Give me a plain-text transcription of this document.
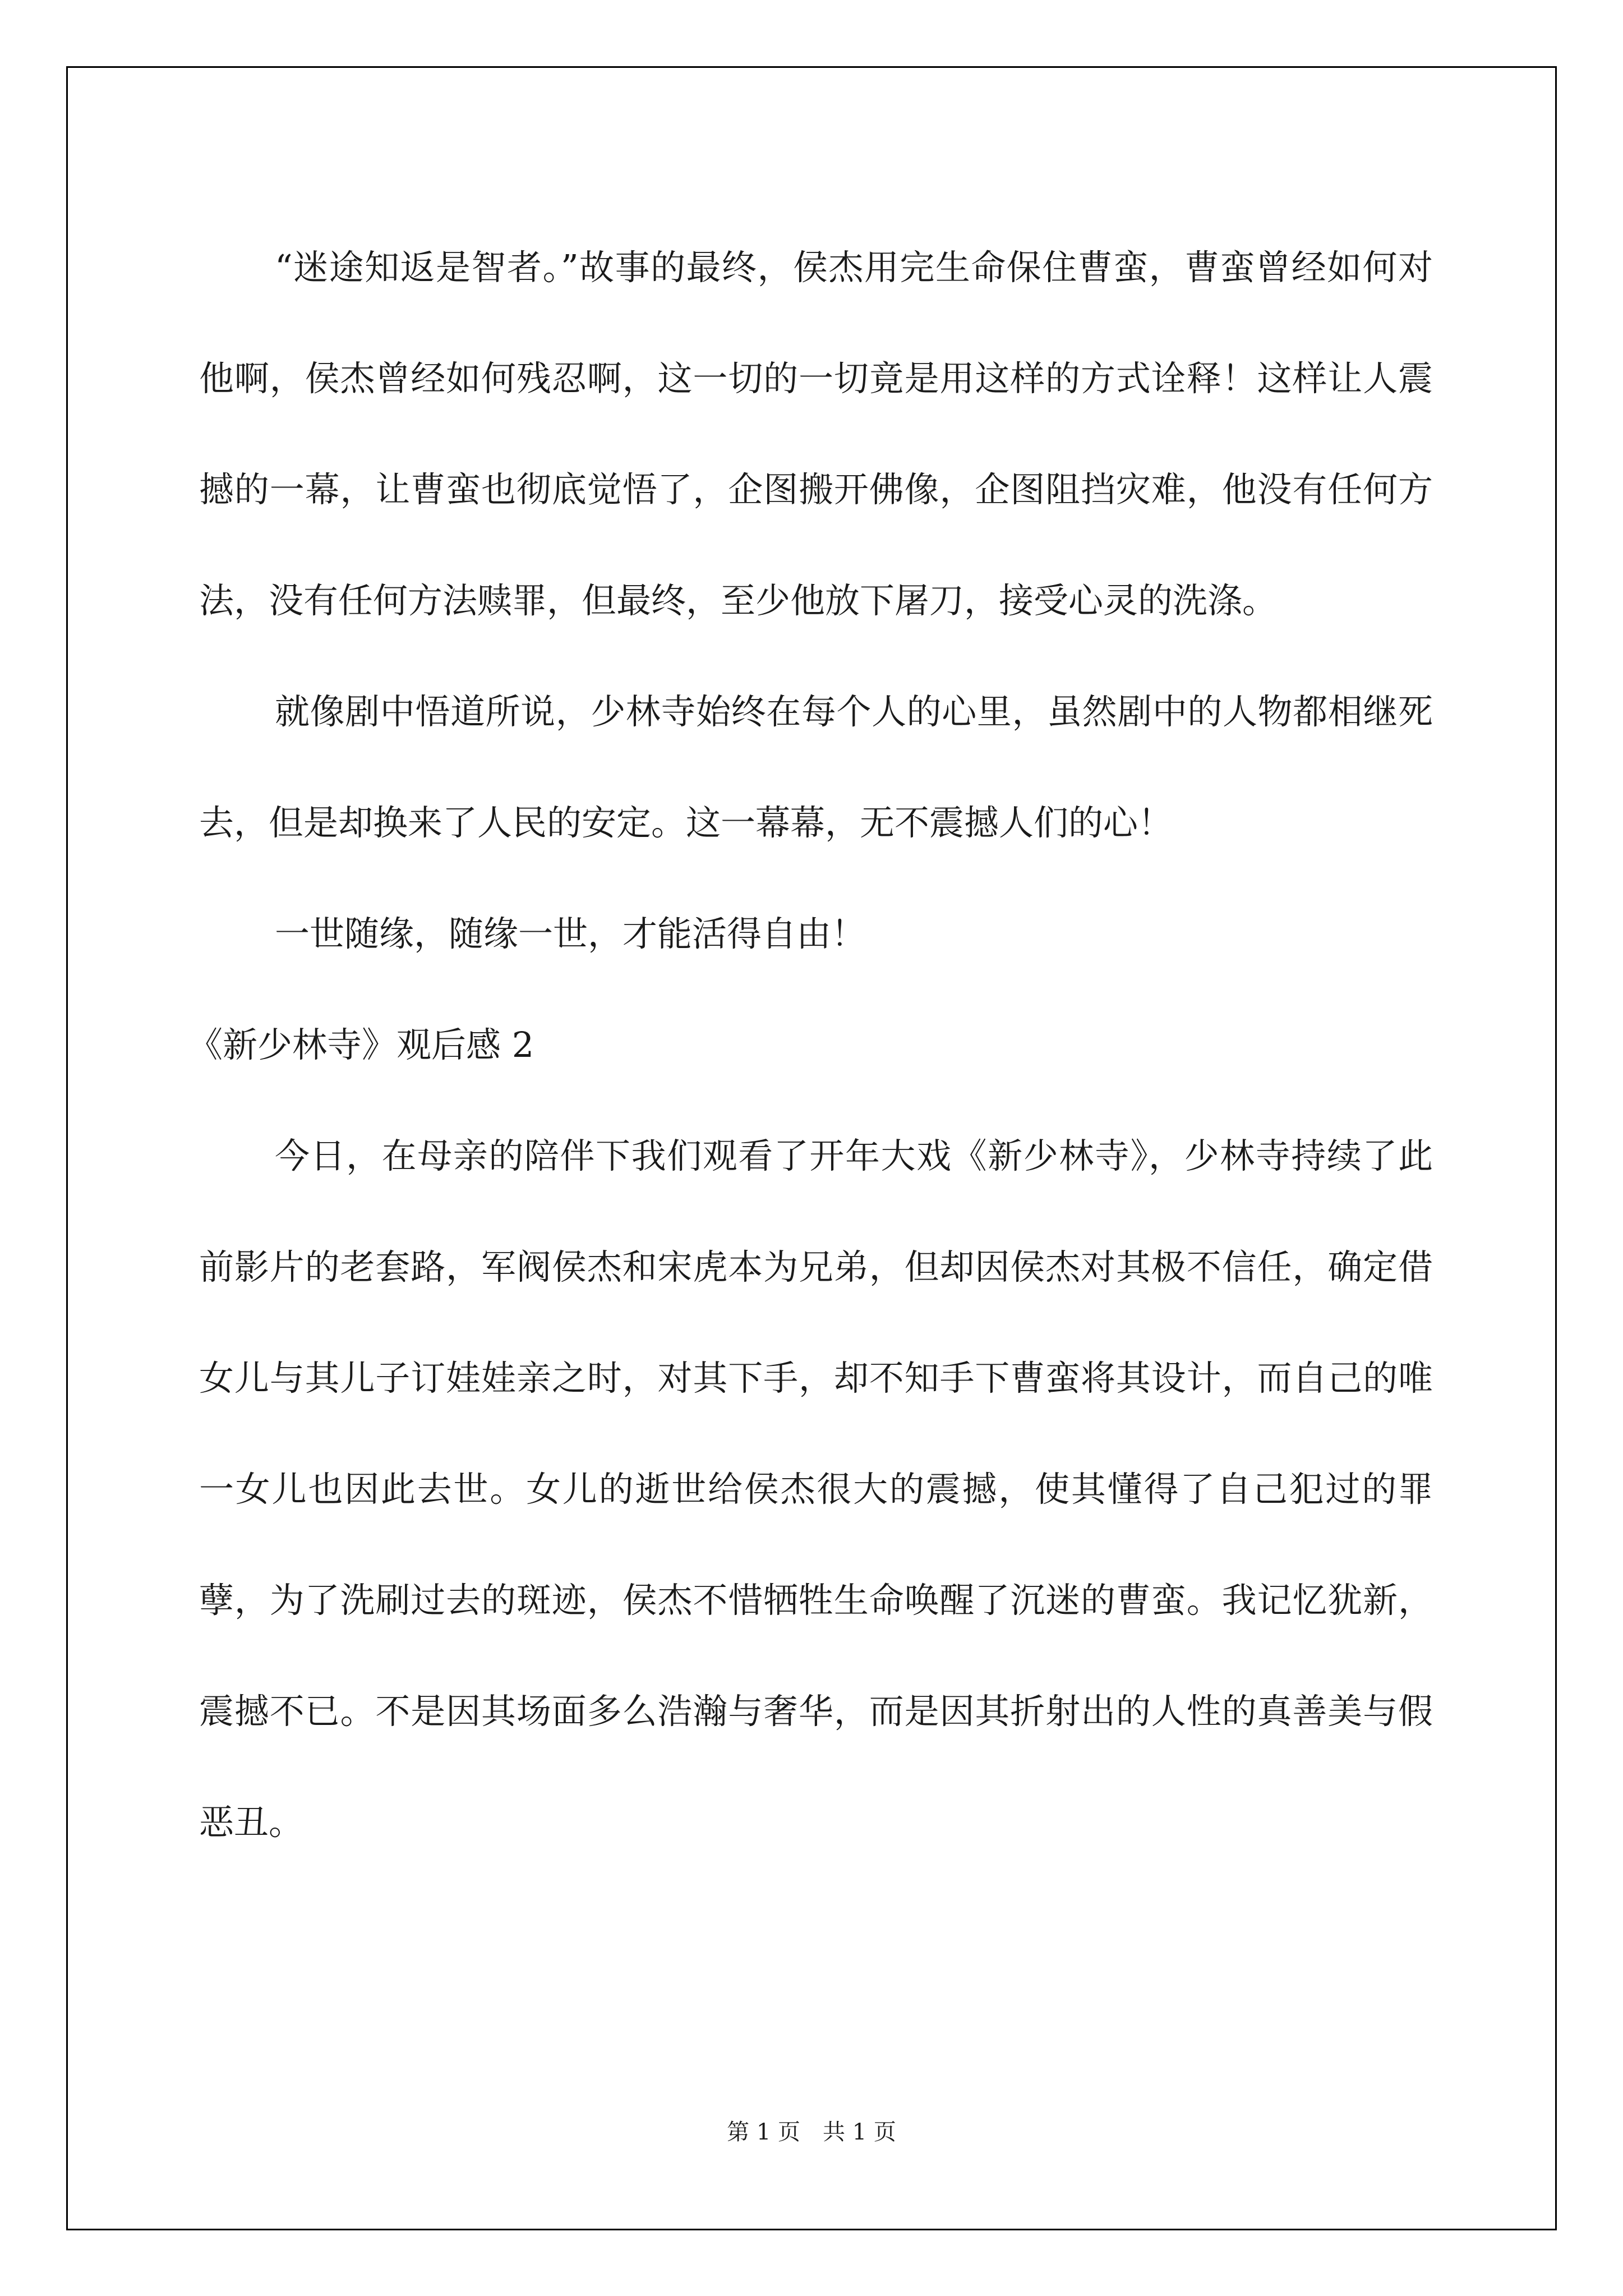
“迷途知返是智者。”故事的最终，侯杰用完生命保住曹蛮，曹蛮曾经如何对他啊，侯杰曾经如何残忍啊，这一切的一切竟是用这样的方式诠释！这样让人震撼的一幕，让曹蛮也彻底觉悟了，企图搬开佛像，企图阻挡灾难，他没有任何方法，没有任何方法赎罪，但最终，至少他放下屠刀，接受心灵的洗涤。

就像剧中悟道所说，少林寺始终在每个人的心里，虽然剧中的人物都相继死去，但是却换来了人民的安定。这一幕幕，无不震撼人们的心！

一世随缘，随缘一世，才能活得自由！

《新少林寺》观后感 2

今日，在母亲的陪伴下我们观看了开年大戏《新少林寺》，少林寺持续了此前影片的老套路，军阀侯杰和宋虎本为兄弟，但却因侯杰对其极不信任，确定借女儿与其儿子订娃娃亲之时，对其下手，却不知手下曹蛮将其设计，而自己的唯一女儿也因此去世。女儿的逝世给侯杰很大的震撼，使其懂得了自己犯过的罪孽，为了洗刷过去的斑迹，侯杰不惜牺牲生命唤醒了沉迷的曹蛮。我记忆犹新，震撼不已。不是因其场面多么浩瀚与奢华，而是因其折射出的人性的真善美与假恶丑。

第 1 页 共 1 页
